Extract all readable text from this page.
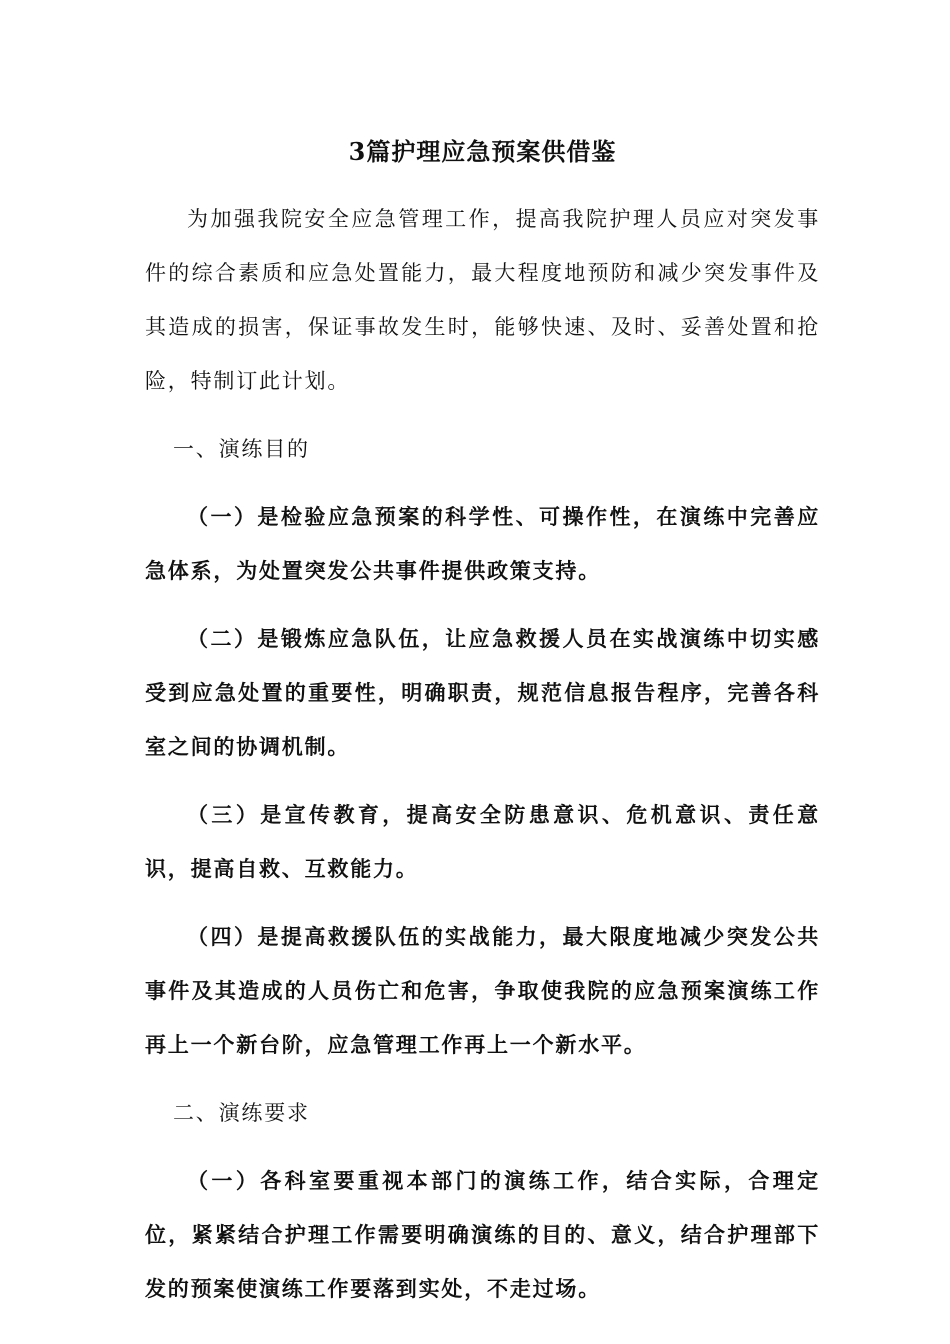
3篇护理应急预案供借鉴

为加强我院安全应急管理工作，提高我院护理人员应对突发事件的综合素质和应急处置能力，最大程度地预防和减少突发事件及其造成的损害，保证事故发生时，能够快速、及时、妥善处置和抢险，特制订此计划。

一、演练目的

（一）是检验应急预案的科学性、可操作性，在演练中完善应急体系，为处置突发公共事件提供政策支持。

（二）是锻炼应急队伍，让应急救援人员在实战演练中切实感受到应急处置的重要性，明确职责，规范信息报告程序，完善各科室之间的协调机制。

（三）是宣传教育，提高安全防患意识、危机意识、责任意识，提高自救、互救能力。

（四）是提高救援队伍的实战能力，最大限度地减少突发公共事件及其造成的人员伤亡和危害，争取使我院的应急预案演练工作再上一个新台阶，应急管理工作再上一个新水平。

二、演练要求

（一）各科室要重视本部门的演练工作，结合实际，合理定位，紧紧结合护理工作需要明确演练的目的、意义，结合护理部下发的预案使演练工作要落到实处，不走过场。
